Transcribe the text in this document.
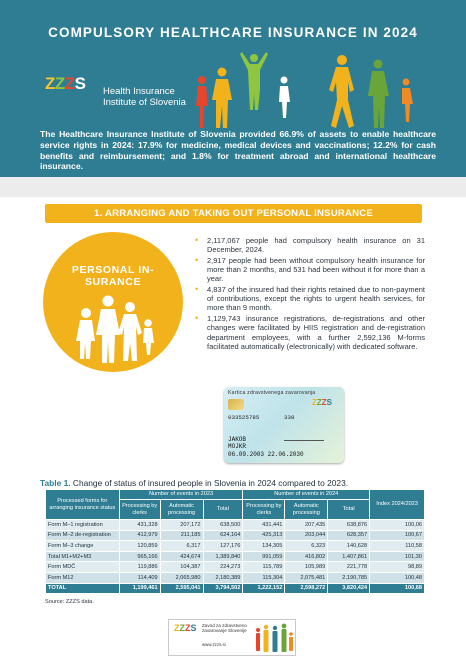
COMPULSORY HEALTHCARE INSURANCE IN 2024
ZZZS	Health Insurance
Institute of Slovenia
The Healthcare Insurance Institute of Slovenia provided 66.9% of assets to enable healthcare service rights in 2024: 17.9% for medicine, medical devices and vaccinations; 12.2% for cash benefits and reimbursement; and 1.8% for treatment abroad and international healthcare insurance.
1. ARRANGING AND TAKING OUT PERSONAL INSURANCE
PERSONAL IN-
SURANCE
• 2,117,067 people had compulsory health insurance on 31 December, 2024.
• 2,917 people had been without compulsory health insurance for more than 2 months, and 531 had been without it for more than a year.
• 4,837 of the insured had their rights retained due to non-payment of contributions, except the rights to urgent health services, for more than 9 month.
• 1,129,743 insurance registrations, de-registrations and other changes were facilitated by HIIS registration and de-registration department employees, with a further 2,592,136 M-forms facilitated automatically (electronically) with dedicated software.
Kartica zdravstvenega zavarovanja
ZZZS
033525785	338
JAKOB
MOJKR
06.09.2003 22.06.2030
Table 1. Change of status of insured people in Slovenia in 2024 compared to 2023.
Processed forms for arranging insurance status	Number of events in 2023			Number of events in 2024			Index 2024/2023
	Processing by clerks	Automatic processing	Total	Processing by clerks	Automatic processing	Total	
Form M–1 registration	431,328	207,172	638,500	431,441	207,435	638,876	100,06
Form M–2 de-registration	412,979	211,185	624,164	425,313	203,044	628,357	100,67
Form M–3 change	120,859	6,317	127,176	134,305	6,323	140,628	110,58
Total M1+M2+M3	965,166	424,674	1,389,840	991,059	416,802	1,407,861	101,30
Form MDČ	119,886	104,387	224,273	115,789	105,989	221,778	98,89
Form M12	114,409	2,065,980	2,180,389	115,304	2,075,481	2,190,785	100,48
TOTAL	1,199,461	2,595,041	3,794,502	1,222,152	2,598,272	3,820,424	100,68
Source: ZZZS data.
ZZZS Zavod za zdravstveno zavarovanje Slovenije
www.zzzs.si
